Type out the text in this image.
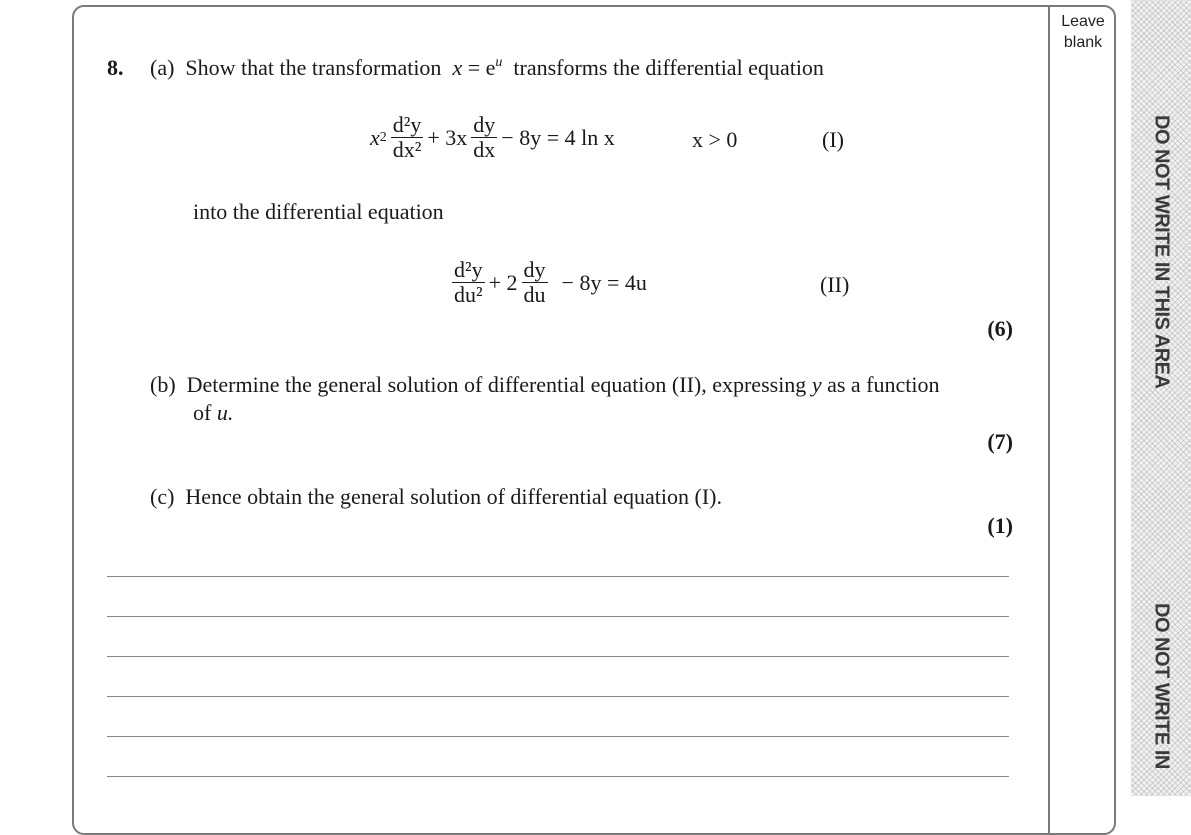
Leave blank
DO NOT WRITE IN THIS AREA
DO NOT WRITE IN
8. (a) Show that the transformation $x = e^u$ transforms the differential equation
x $2 \frac{\text{d²y}}{\text{dx²}} + 3x \frac{dy}{dx} - 8y = 4$ ln x	x > 0	(I)
into the differential equation
$\frac{\text{d²y}}{\text{du²}} + 2 \frac{dy}{du} - 8y = 4u$	(II)
(6)
(b) Determine the general solution of differential equation (II), expressing y as a function
of u.
(7)
(c) Hence obtain the general solution of differential equation (I).
(1)
